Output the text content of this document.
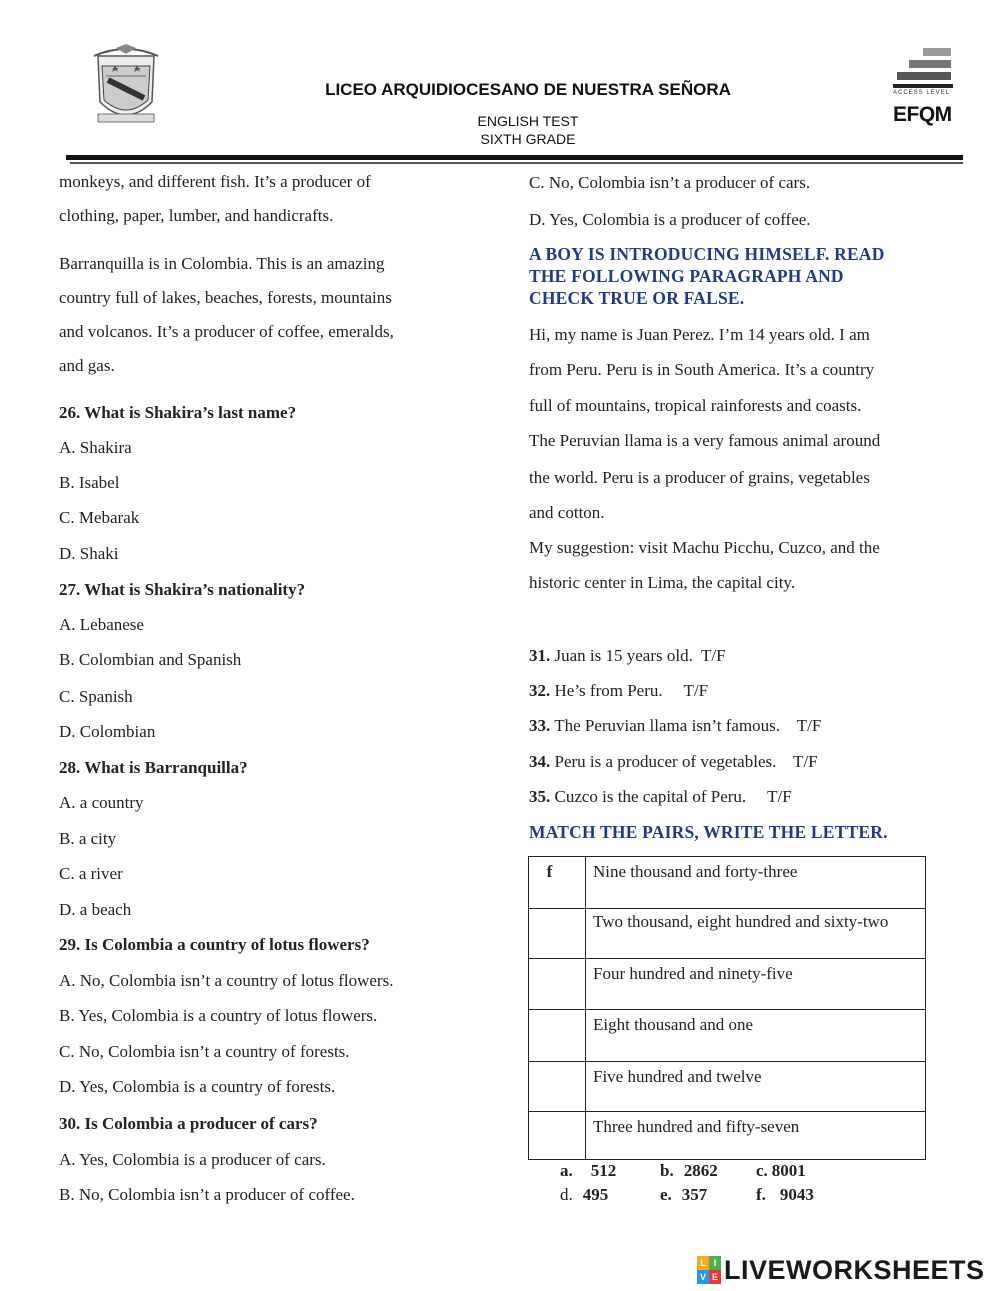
LICEO ARQUIDIOCESANO DE NUESTRA SEÑORA
ENGLISH TEST
SIXTH GRADE
ACCESS LEVEL
EFQM
monkeys, and different fish. It’s a producer of
clothing, paper, lumber, and handicrafts.
Barranquilla is in Colombia. This is an amazing
country full of lakes, beaches, forests, mountains
and volcanos. It’s a producer of coffee, emeralds,
and gas.
26. What is Shakira’s last name?
A. Shakira
B. Isabel
C. Mebarak
D. Shaki
27. What is Shakira’s nationality?
A. Lebanese
B. Colombian and Spanish
C. Spanish
D. Colombian
28. What is Barranquilla?
A. a country
B. a city
C. a river
D. a beach
29. Is Colombia a country of lotus flowers?
A. No, Colombia isn’t a country of lotus flowers.
B. Yes, Colombia is a country of lotus flowers.
C. No, Colombia isn’t a country of forests.
D. Yes, Colombia is a country of forests.
30. Is Colombia a producer of cars?
A. Yes, Colombia is a producer of cars.
B. No, Colombia isn’t a producer of coffee.
C. No, Colombia isn’t a producer of cars.
D. Yes, Colombia is a producer of coffee.
A BOY IS INTRODUCING HIMSELF. READ
THE FOLLOWING PARAGRAPH AND
CHECK TRUE OR FALSE.
Hi, my name is Juan Perez. I’m 14 years old. I am
from Peru. Peru is in South America. It’s a country
full of mountains, tropical rainforests and coasts.
The Peruvian llama is a very famous animal around
the world. Peru is a producer of grains, vegetables
and cotton.
My suggestion: visit Machu Picchu, Cuzco, and the
historic center in Lima, the capital city.
31. Juan is 15 years old.  T/F
32. He’s from Peru.     T/F
33. The Peruvian llama isn’t famous.    T/F
34. Peru is a producer of vegetables.    T/F
35. Cuzco is the capital of Peru.     T/F
MATCH THE PAIRS, WRITE THE LETTER.
f	Nine thousand and forty-three
	Two thousand, eight hundred and sixty-two
	Four hundred and ninety-five
	Eight thousand and one
	Five hundred and twelve
	Three hundred and fifty-seven
a. 512	b. 2862 c. 8001
d. 495	e. 357	f. 9043
L I
V E LIVEWORKSHEETS
